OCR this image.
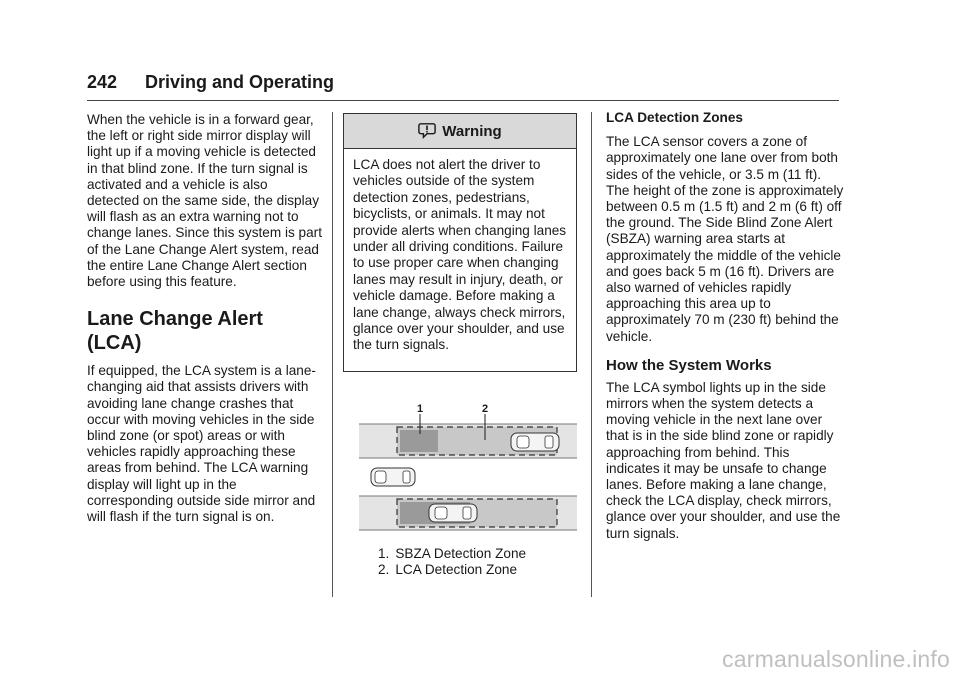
242 Driving and Operating

When the vehicle is in a forward gear, the left or right side mirror display will light up if a moving vehicle is detected in that blind zone. If the turn signal is activated and a vehicle is also detected on the same side, the display will flash as an extra warning not to change lanes. Since this system is part of the Lane Change Alert system, read the entire Lane Change Alert section before using this feature.

Lane Change Alert (LCA)

If equipped, the LCA system is a lane-changing aid that assists drivers with avoiding lane change crashes that occur with moving vehicles in the side blind zone (or spot) areas or with vehicles rapidly approaching these areas from behind. The LCA warning display will light up in the corresponding outside side mirror and will flash if the turn signal is on.

Warning
LCA does not alert the driver to vehicles outside of the system detection zones, pedestrians, bicyclists, or animals. It may not provide alerts when changing lanes under all driving conditions. Failure to use proper care when changing lanes may result in injury, death, or vehicle damage. Before making a lane change, always check mirrors, glance over your shoulder, and use the turn signals.
1	2
1. SBZA Detection Zone
2. LCA Detection Zone

LCA Detection Zones

The LCA sensor covers a zone of approximately one lane over from both sides of the vehicle, or 3.5 m (11 ft). The height of the zone is approximately between 0.5 m (1.5 ft) and 2 m (6 ft) off the ground. The Side Blind Zone Alert (SBZA) warning area starts at approximately the middle of the vehicle and goes back 5 m (16 ft). Drivers are also warned of vehicles rapidly approaching this area up to approximately 70 m (230 ft) behind the vehicle.

How the System Works

The LCA symbol lights up in the side mirrors when the system detects a moving vehicle in the next lane over that is in the side blind zone or rapidly approaching from behind. This indicates it may be unsafe to change lanes. Before making a lane change, check the LCA display, check mirrors, glance over your shoulder, and use the turn signals.

carmanualsonline.info
